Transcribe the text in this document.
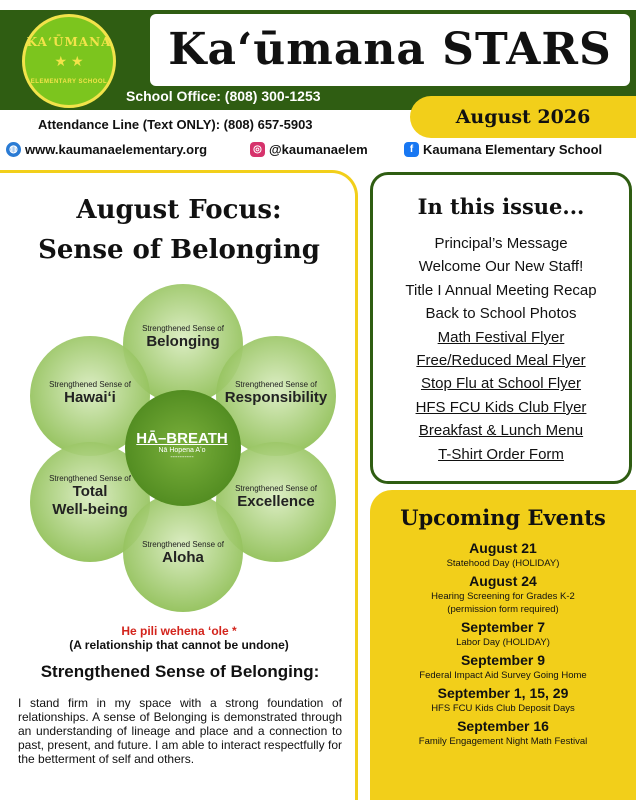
KAʻŪMANA
★ ★
ELEMENTARY SCHOOL
Kaʻūmana STARS
School Office: (808) 300-1253
August 2026
Attendance Line (Text ONLY): (808) 657-5903
◍ www.kaumanaelementary.org	◎ @kaumanaelem	f Kaumana Elementary School
August Focus:
Sense of Belonging
Strengthened Sense of
Belonging
Strengthened Sense of
Hawaiʻi
Strengthened Sense of
Responsibility
Strengthened Sense of
Total
Well-being
Strengthened Sense of
Excellence
Strengthened Sense of
Aloha
HĀ–BREATH
Nā Hopena Aʻo
----------
He pili wehena ʻole *
(A relationship that cannot be undone)
Strengthened Sense of Belonging:
I stand firm in my space with a strong foundation of relationships. A sense of Belonging is demonstrated through an understanding of lineage and place and a connection to past, present, and future. I am able to interact respectfully for the betterment of self and others.
In this issue...
Principal’s Message
Welcome Our New Staff!
Title I Annual Meeting Recap
Back to School Photos
Math Festival Flyer
Free/Reduced Meal Flyer
Stop Flu at School Flyer
HFS FCU Kids Club Flyer
Breakfast & Lunch Menu
T-Shirt Order Form
Upcoming Events
August 21
Statehood Day (HOLIDAY)
August 24
Hearing Screening for Grades K-2
(permission form required)
September 7
Labor Day (HOLIDAY)
September 9
Federal Impact Aid Survey Going Home
September 1, 15, 29
HFS FCU Kids Club Deposit Days
September 16
Family Engagement Night Math Festival
